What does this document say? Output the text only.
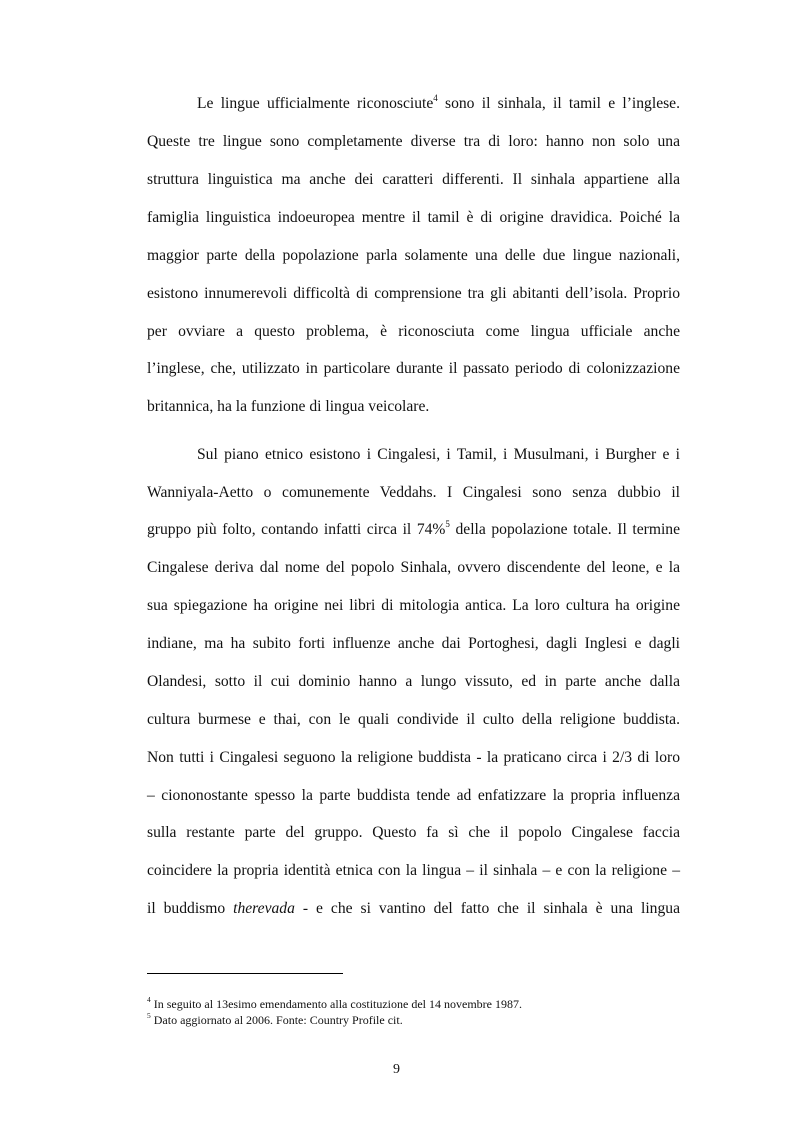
Le lingue ufficialmente riconosciute$^4$ sono il sinhala, il tamil e l’inglese.
Queste tre lingue sono completamente diverse tra di loro: hanno non solo una
struttura linguistica ma anche dei caratteri differenti. Il sinhala appartiene alla
famiglia linguistica indoeuropea mentre il tamil è di origine dravidica. Poiché la
maggior parte della popolazione parla solamente una delle due lingue nazionali,
esistono innumerevoli difficoltà di comprensione tra gli abitanti dell’isola. Proprio
per ovviare a questo problema, è riconosciuta come lingua ufficiale anche
l’inglese, che, utilizzato in particolare durante il passato periodo di colonizzazione
britannica, ha la funzione di lingua veicolare.
Sul piano etnico esistono i Cingalesi, i Tamil, i Musulmani, i Burgher e i
Wanniyala-Aetto o comunemente Veddahs. I Cingalesi sono senza dubbio il
gruppo più folto, contando infatti circa il 74%$^5$ della popolazione totale. Il termine
Cingalese deriva dal nome del popolo Sinhala, ovvero discendente del leone, e la
sua spiegazione ha origine nei libri di mitologia antica. La loro cultura ha origine
indiane, ma ha subito forti influenze anche dai Portoghesi, dagli Inglesi e dagli
Olandesi, sotto il cui dominio hanno a lungo vissuto, ed in parte anche dalla
cultura burmese e thai, con le quali condivide il culto della religione buddista.
Non tutti i Cingalesi seguono la religione buddista - la praticano circa i 2/3 di loro
– ciononostante spesso la parte buddista tende ad enfatizzare la propria influenza
sulla restante parte del gruppo. Questo fa sì che il popolo Cingalese faccia
coincidere la propria identità etnica con la lingua – il sinhala – e con la religione –
il buddismo therevada - e che si vantino del fatto che il sinhala è una lingua
$^4$ In seguito al 13esimo emendamento alla costituzione del 14 novembre 1987.
$^5$ Dato aggiornato al 2006. Fonte: Country Profile cit.
9
